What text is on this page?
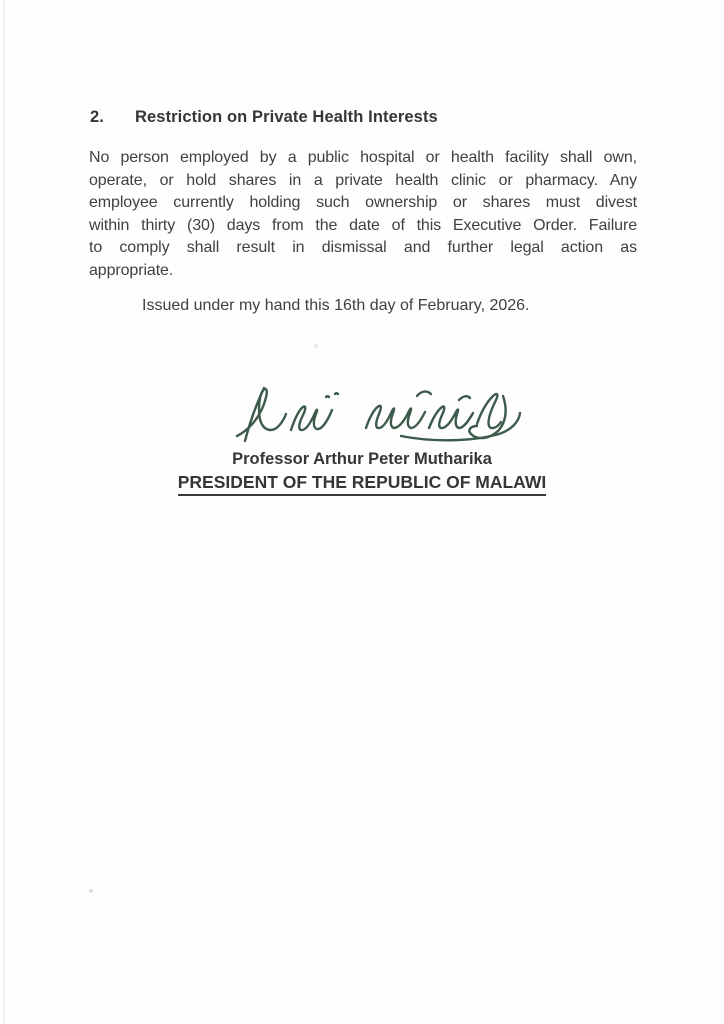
2.	Restriction on Private Health Interests
No person employed by a public hospital or health facility shall own,
operate, or hold shares in a private health clinic or pharmacy. Any
employee currently holding such ownership or shares must divest
within thirty (30) days from the date of this Executive Order. Failure
to comply shall result in dismissal and further legal action as
appropriate.
Issued under my hand this 16th day of February, 2026.
Professor Arthur Peter Mutharika
PRESIDENT OF THE REPUBLIC OF MALAWI
